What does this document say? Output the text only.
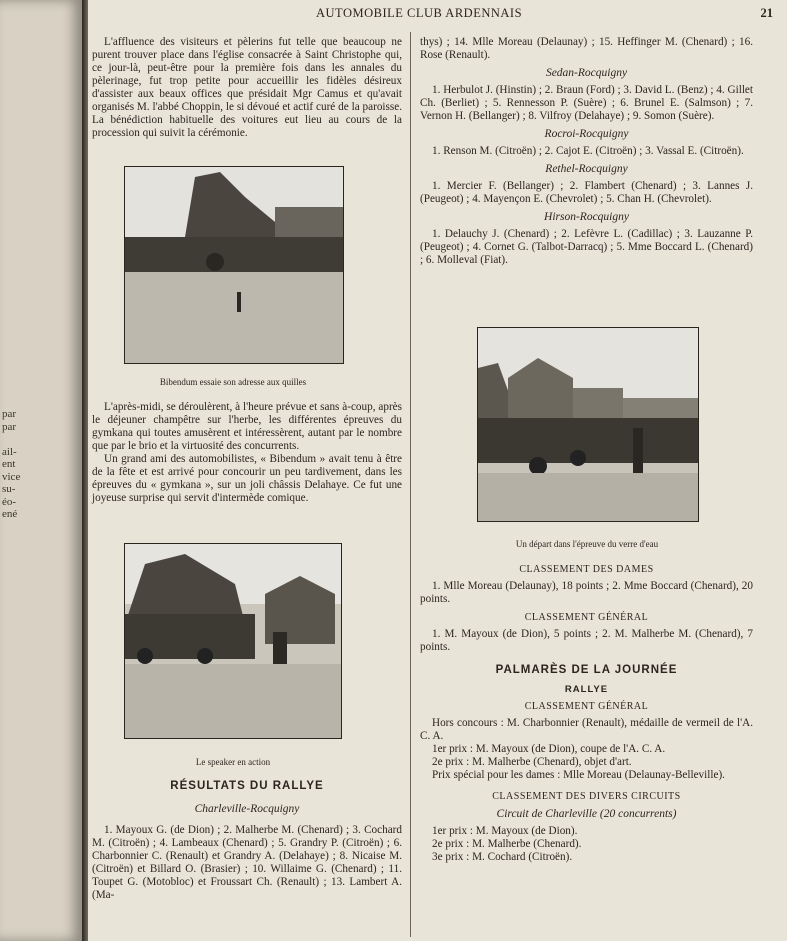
par
par
ail-
ent
vice
su-
éo-
ené
AUTOMOBILE CLUB ARDENNAIS	21

L'affluence des visiteurs et pèlerins fut telle que beaucoup ne purent trouver place dans l'église consacrée à Saint Christophe qui, ce jour-là, peut-être pour la première fois dans les annales du pèlerinage, fut trop petite pour accueillir les fidèles désireux d'assister aux beaux offices que présidait Mgr Camus et qu'avait organisés M. l'abbé Choppin, le si dévoué et actif curé de la paroisse. La bénédiction habituelle des voitures eut lieu au cours de la procession qui suivit la cérémonie.

Bibendum essaie son adresse aux quilles

L'après-midi, se déroulèrent, à l'heure prévue et sans à-coup, après le déjeuner champêtre sur l'herbe, les différentes épreuves du gymkana qui toutes amusèrent et intéressèrent, autant par le nombre que par le brio et la virtuosité des concurrents.

Un grand ami des automobilistes, « Bibendum » avait tenu à être de la fête et est arrivé pour concourir un peu tardivement, dans les épreuves du « gymkana », sur un joli châssis Delahaye. Ce fut une joyeuse surprise qui servit d'intermède comique.

Le speaker en action
RÉSULTATS DU RALLYE
Charleville-Rocquigny

1. Mayoux G. (de Dion) ; 2. Malherbe M. (Chenard) ; 3. Cochard M. (Citroën) ; 4. Lambeaux (Chenard) ; 5. Grandry P. (Citroën) ; 6. Charbonnier C. (Renault) et Grandry A. (Delahaye) ; 8. Nicaise M. (Citroën) et Billard O. (Brasier) ; 10. Willaime G. (Chenard) ; 11. Toupet G. (Motobloc) et Froussart Ch. (Renault) ; 13. Lambert A. (Ma-

thys) ; 14. Mlle Moreau (Delaunay) ; 15. Heffinger M. (Chenard) ; 16. Rose (Renault).

Sedan-Rocquigny

1. Herbulot J. (Hinstin) ; 2. Braun (Ford) ; 3. David L. (Benz) ; 4. Gillet Ch. (Berliet) ; 5. Rennesson P. (Suère) ; 6. Brunel E. (Salmson) ; 7. Vernon H. (Bellanger) ; 8. Vilfroy (Delahaye) ; 9. Somon (Suère).

Rocroi-Rocquigny

1. Renson M. (Citroën) ; 2. Cajot E. (Citroën) ; 3. Vassal E. (Citroën).

Rethel-Rocquigny

1. Mercier F. (Bellanger) ; 2. Flambert (Chenard) ; 3. Lannes J. (Peugeot) ; 4. Mayençon E. (Chevrolet) ; 5. Chan H. (Chevrolet).

Hirson-Rocquigny

1. Delauchy J. (Chenard) ; 2. Lefèvre L. (Cadillac) ; 3. Lauzanne P. (Peugeot) ; 4. Cornet G. (Talbot-Darracq) ; 5. Mme Boccard L. (Chenard) ; 6. Molleval (Fiat).

Un départ dans l'épreuve du verre d'eau
CLASSEMENT DES DAMES

1. Mlle Moreau (Delaunay), 18 points ; 2. Mme Boccard (Chenard), 20 points.

CLASSEMENT GÉNÉRAL

1. M. Mayoux (de Dion), 5 points ; 2. M. Malherbe M. (Chenard), 7 points.

PALMARÈS DE LA JOURNÉE
RALLYE
CLASSEMENT GÉNÉRAL

Hors concours : M. Charbonnier (Renault), médaille de vermeil de l'A. C. A.

1er prix : M. Mayoux (de Dion), coupe de l'A. C. A.

2e prix : M. Malherbe (Chenard), objet d'art.

Prix spécial pour les dames : Mlle Moreau (Delaunay-Belleville).

CLASSEMENT DES DIVERS CIRCUITS
Circuit de Charleville (20 concurrents)

1er prix : M. Mayoux (de Dion).

2e prix : M. Malherbe (Chenard).

3e prix : M. Cochard (Citroën).
